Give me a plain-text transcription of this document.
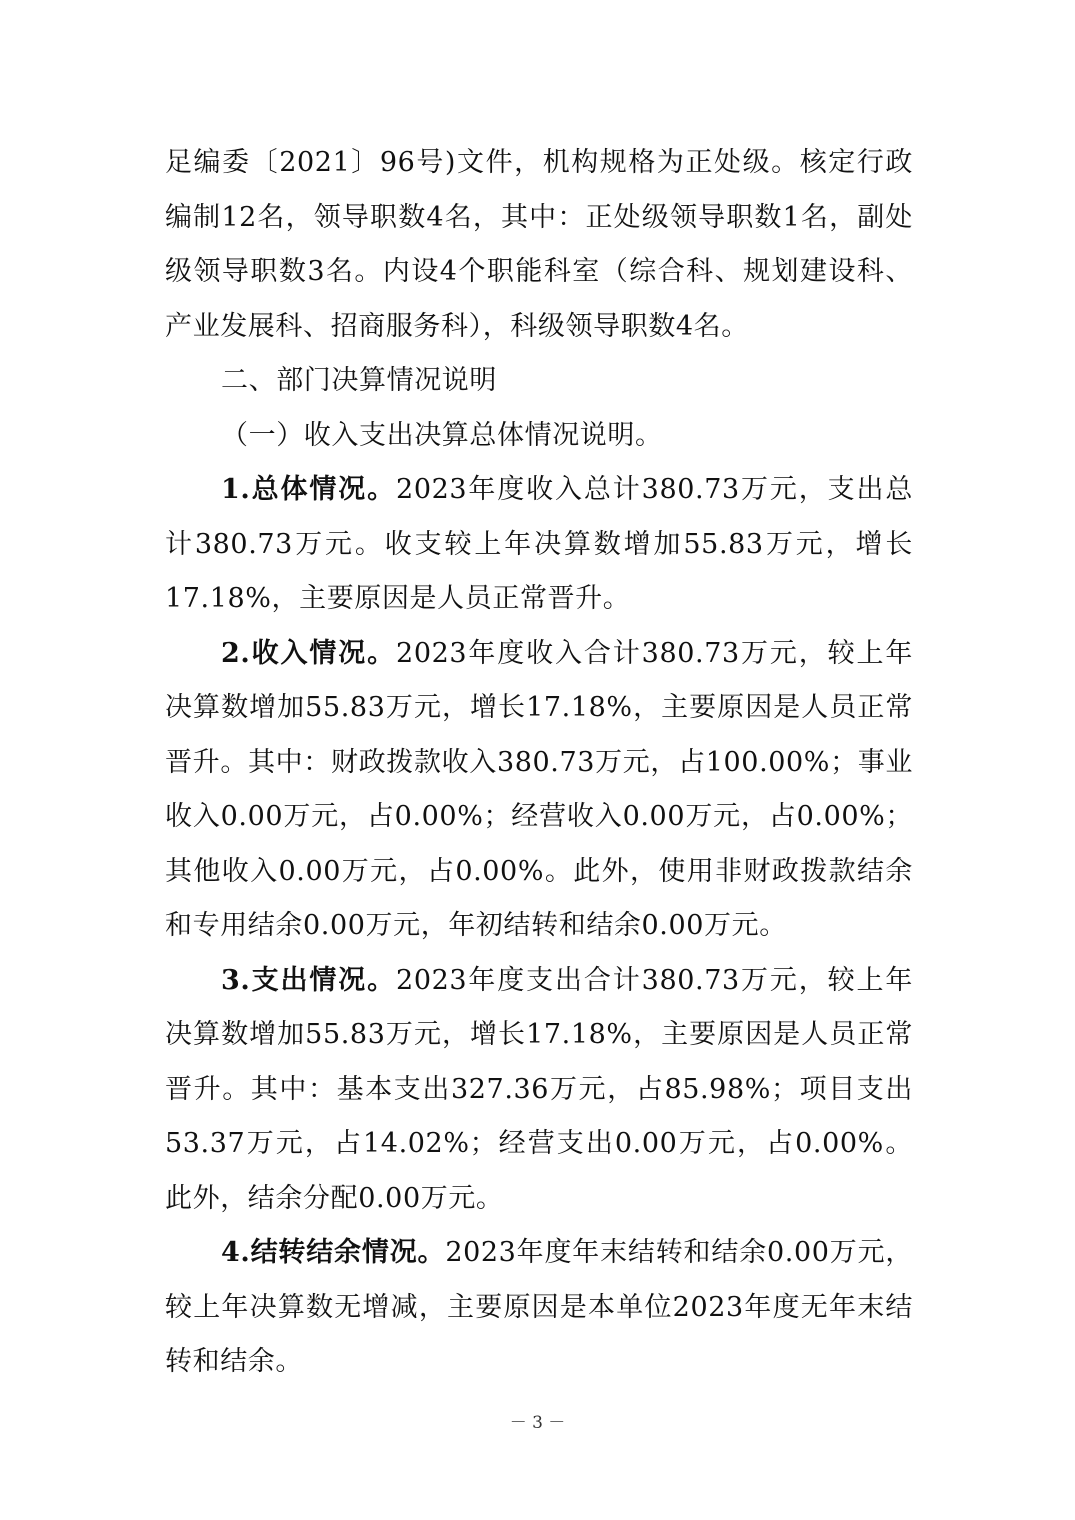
足编委〔2021〕96号)文件，机构规格为正处级。核定行政编制12名，领导职数4名，其中：正处级领导职数1名，副处级领导职数3名。内设4个职能科室（综合科、规划建设科、产业发展科、招商服务科），科级领导职数4名。

二、部门决算情况说明

（一）收入支出决算总体情况说明。

1.总体情况。2023年度收入总计380.73万元，支出总计380.73万元。收支较上年决算数增加55.83万元，增长17.18%，主要原因是人员正常晋升。

2.收入情况。2023年度收入合计380.73万元，较上年决算数增加55.83万元，增长17.18%，主要原因是人员正常晋升。其中：财政拨款收入380.73万元，占100.00%；事业收入0.00万元，占0.00%；经营收入0.00万元，占0.00%；其他收入0.00万元，占0.00%。此外，使用非财政拨款结余和专用结余0.00万元，年初结转和结余0.00万元。

3.支出情况。2023年度支出合计380.73万元，较上年决算数增加55.83万元，增长17.18%，主要原因是人员正常晋升。其中：基本支出327.36万元，占85.98%；项目支出53.37万元，占14.02%；经营支出0.00万元，占0.00%。此外，结余分配0.00万元。

4.结转结余情况。2023年度年末结转和结余0.00万元，较上年决算数无增减，主要原因是本单位2023年度无年末结转和结余。

－ 3 －
